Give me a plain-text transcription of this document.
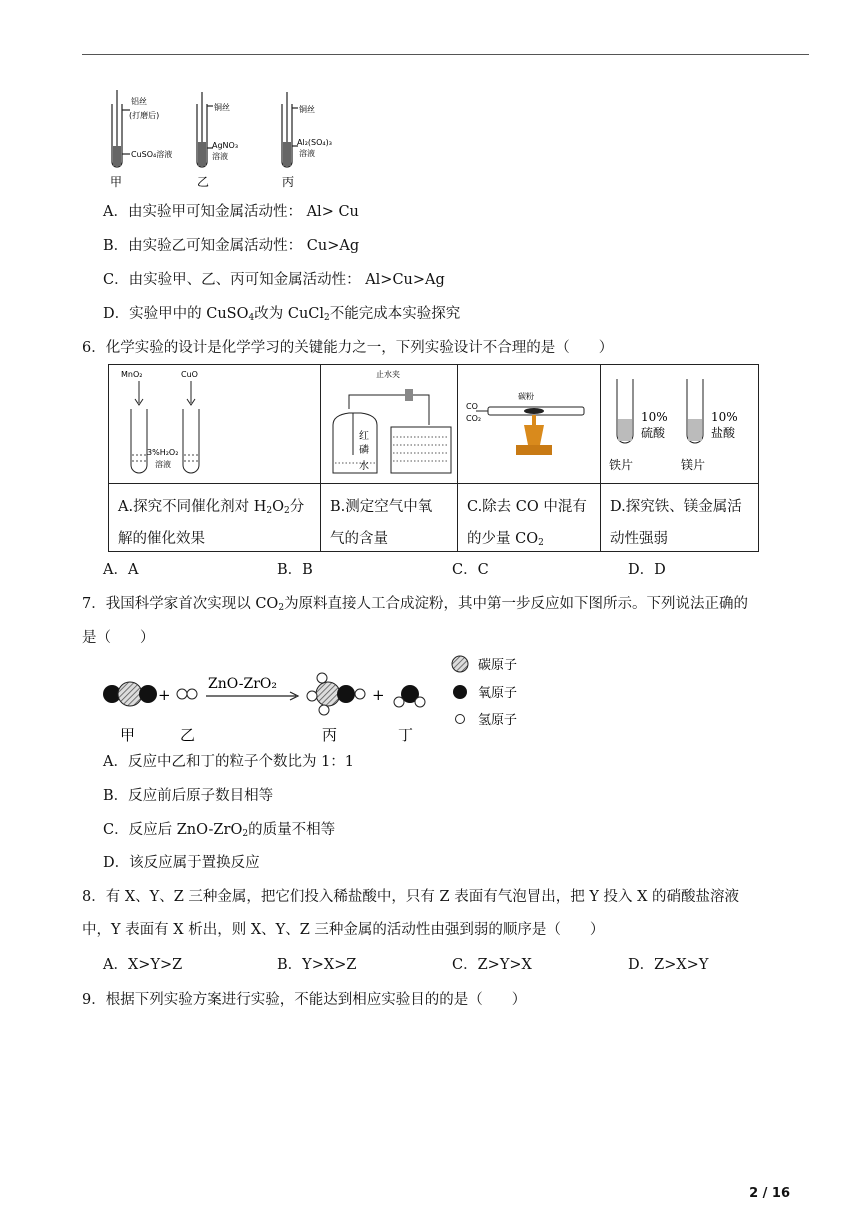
铝丝
(打磨后)
CuSO₄溶液
甲
铜丝
AgNO₃
溶液
乙
铜丝
Al₂(SO₄)₃
溶液
丙
A．由实验甲可知金属活动性： Al> Cu
B．由实验乙可知金属活动性： Cu>Ag
C．由实验甲、乙、丙可知金属活动性： Al>Cu>Ag
D．实验甲中的 CuSO$_4$改为 CuCl$_2$不能完成本实验探究
6．化学实验的设计是化学学习的关键能力之一，下列实验设计不合理的是（　　）
MnO₂	CuO
3%H₂O₂
溶液
止水夹
红
磷
水
CO
CO₂
碳粉
10%
硫酸
10%
盐酸
铁片	镁片
A.探究不同催化剂对 $H_2O_2$分
解的催化效果
B.测定空气中氧
气的含量
C.除去 CO 中混有
的少量 $CO_2$
D.探究铁、镁金属活
动性强弱
A．A	B．B	C．C	D．D
7．我国科学家首次实现以 $CO_2$为原料直接人工合成淀粉，其中第一步反应如下图所示。下列说法正确的
是（　　）
+
ZnO-ZrO₂
+
甲	乙	丙	丁
碳原子
氧原子
氢原子
A．反应中乙和丁的粒子个数比为 1：1
B．反应前后原子数目相等
C．反应后 ZnO-ZrO$_2$的质量不相等
D．该反应属于置换反应
8．有 X、Y、Z 三种金属，把它们投入稀盐酸中，只有 Z 表面有气泡冒出，把 Y 投入 X 的硝酸盐溶液
中，Y 表面有 X 析出，则 X、Y、Z 三种金属的活动性由强到弱的顺序是（　　）
A．X>Y>Z	B．Y>X>Z	C．Z>Y>X	D．Z>X>Y
9．根据下列实验方案进行实验，不能达到相应实验目的的是（　　）
2 / 16
